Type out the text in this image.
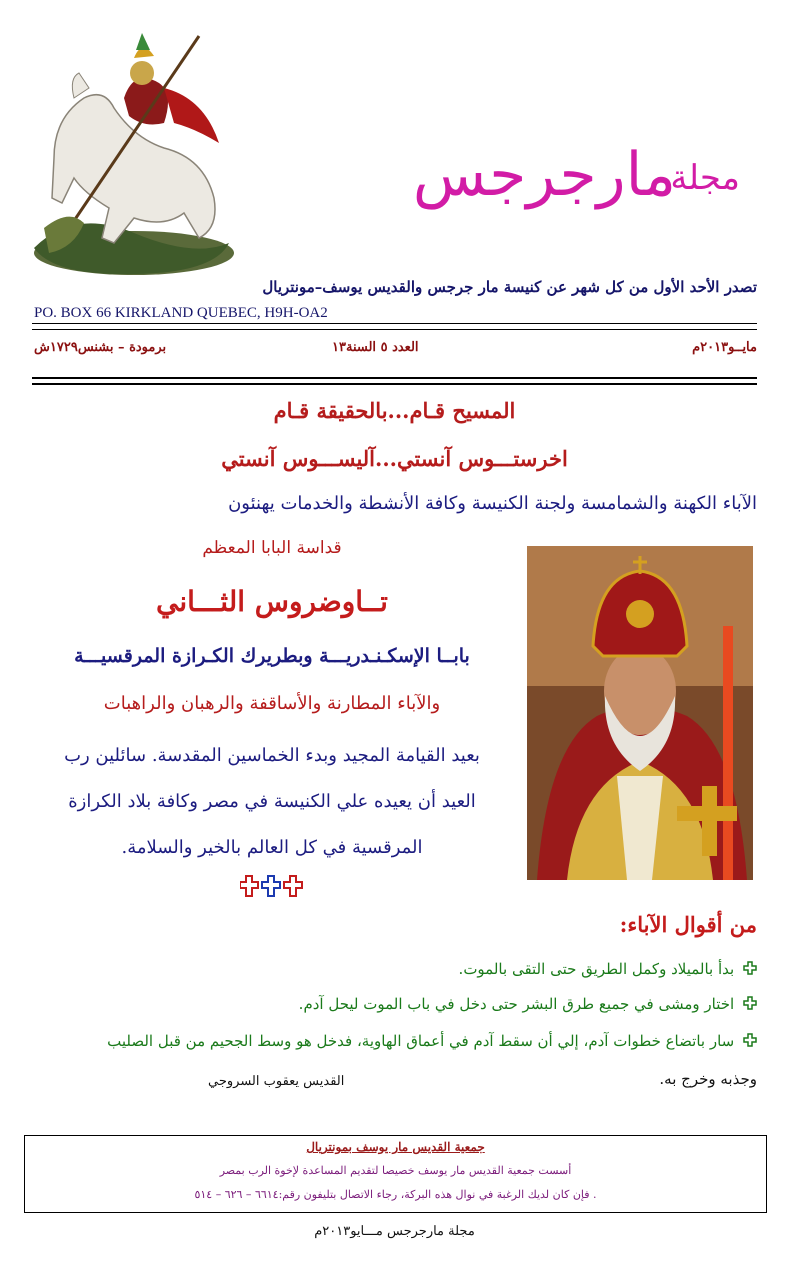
مجلة
مارجرجس
تصدر الأحد الأول من كل شهر عن كنيسة مار جرجس والقديس يوسف–مونتريال
PO. BOX 66 KIRKLAND QUEBEC, H9H-OA2
مايــو٢٠١٣م
العدد ٥ السنة١٣
برمودة – بشنس١٧٢٩ش
المسيح قـام...بالحقيقة قـام
اخرستـــوس آنستي...آليســـوس آنستي
الآباء الكهنة والشمامسة ولجنة الكنيسة وكافة الأنشطة والخدمات يهنئون
قداسة البابا المعظم
تــاوضروس الثـــاني
بابــا الإسكـنـدريـــة وبطريرك الكـرازة المرقسيـــة
والآباء المطارنة والأساقفة والرهبان والراهبات
بعيد القيامة المجيد وبدء الخماسين المقدسة. سائلين رب
العيد أن يعيده علي الكنيسة في مصر وكافة بلاد الكرازة
المرقسية في كل العالم بالخير والسلامة.
من أقوال الآباء:
بدأ بالميلاد وكمل الطريق حتى التقى بالموت.
اختار ومشى في جميع طرق البشر حتى دخل في باب الموت ليحل آدم.
سار باتضاع خطوات آدم، إلي أن سقط آدم في أعماق الهاوية، فدخل هو وسط الجحيم من قبل الصليب
وجذبه وخرج به.
القديس يعقوب السروجي
جمعية القديس مار يوسف بمونتريال
أسست جمعية القديس مار يوسف خصيصا لتقديم المساعدة لإخوة الرب بمصر
. فإن كان لديك الرغبة في نوال هذه البركة، رجاء الاتصال بتليفون رقم:٦٦١٤ – ٦٢٦ – ٥١٤
مجلة مارجرجس مـــايو٢٠١٣م
